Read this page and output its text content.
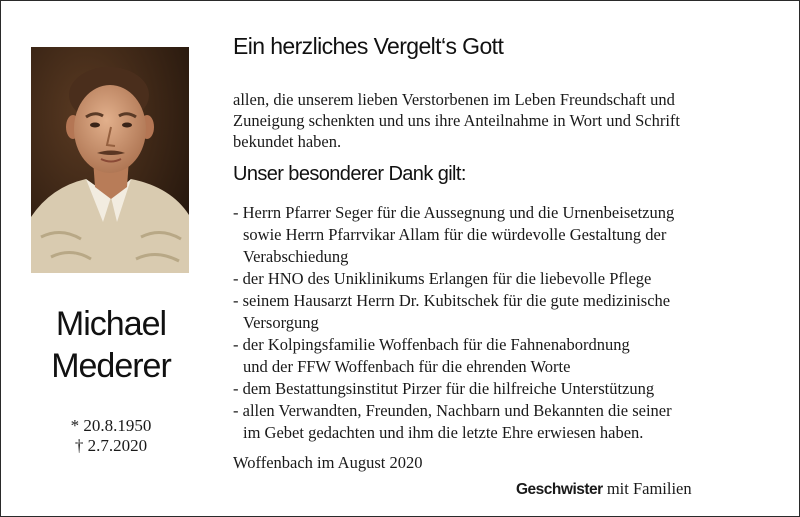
Michael
Mederer
* 20.8.1950
† 2.7.2020
Ein herzliches Vergelt‘s Gott
allen, die unserem lieben Verstorbenen im Leben Freundschaft und
Zuneigung schenkten und uns ihre Anteilnahme in Wort und Schrift
bekundet haben.
Unser besonderer Dank gilt:
- Herrn Pfarrer Seger für die Aussegnung und die Urnenbeisetzung
sowie Herrn Pfarrvikar Allam für die würdevolle Gestaltung der
Verabschiedung
- der HNO des Uniklinikums Erlangen für die liebevolle Pflege
- seinem Hausarzt Herrn Dr. Kubitschek für die gute medizinische
Versorgung
- der Kolpingsfamilie Woffenbach für die Fahnenabordnung
und der FFW Woffenbach für die ehrenden Worte
- dem Bestattungsinstitut Pirzer für die hilfreiche Unterstützung
- allen Verwandten, Freunden, Nachbarn und Bekannten die seiner
im Gebet gedachten und ihm die letzte Ehre erwiesen haben.
Woffenbach im August 2020
Geschwister mit Familien
